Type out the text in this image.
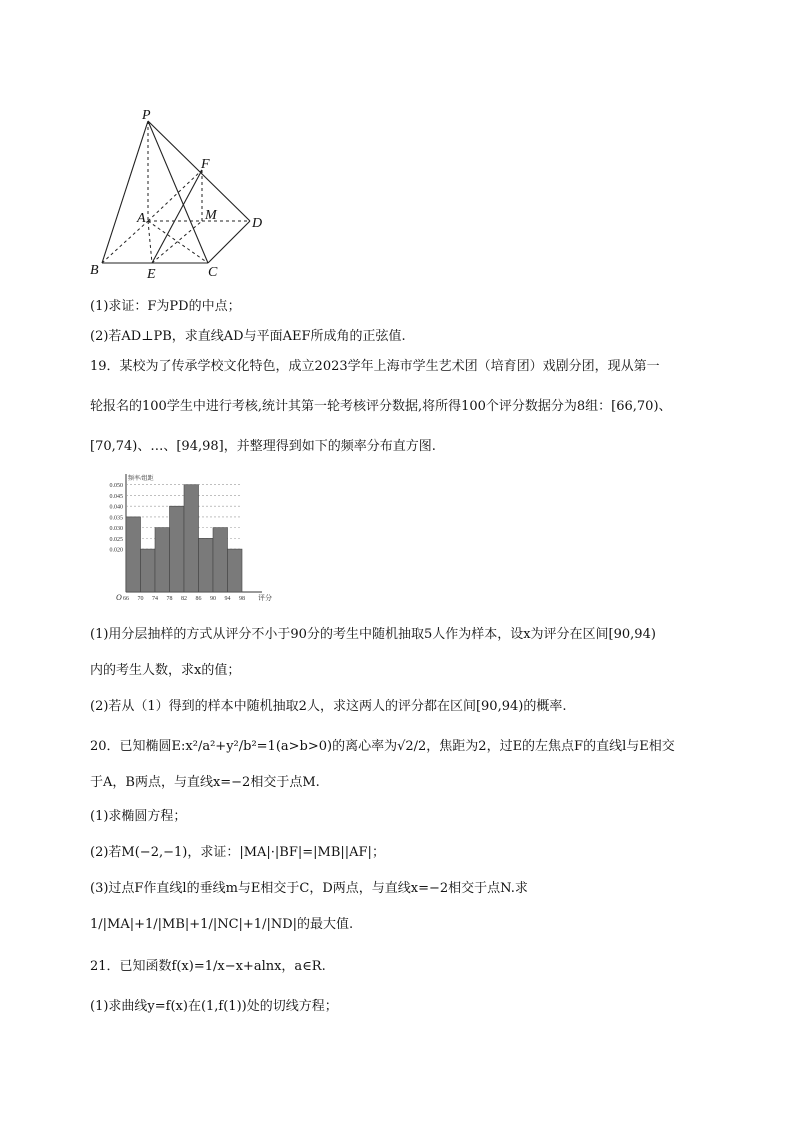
P
F
A	M
D
B	E	C
(1)求证：F为PD的中点；
(2)若AD⊥PB，求直线AD与平面AEF所成角的正弦值.
19．某校为了传承学校文化特色，成立2023学年上海市学生艺术团（培育团）戏剧分团，现从第一
轮报名的100学生中进行考核,统计其第一轮考核评分数据,将所得100个评分数据分为8组：[66,70)、
[70,74)、…、[94,98]，并整理得到如下的频率分布直方图.
0.020
0.025
0.030
0.035
0.040
0.045
0.050
66 70 74 78 82 86 90 94 98 评分
频率/组距
O
(1)用分层抽样的方式从评分不小于90分的考生中随机抽取5人作为样本，设x为评分在区间[90,94)
内的考生人数，求x的值；
(2)若从（1）得到的样本中随机抽取2人，求这两人的评分都在区间[90,94)的概率.
20．已知椭圆E:x²/a²+y²/b²=1(a>b>0)的离心率为√2/2，焦距为2，过E的左焦点F的直线l与E相交
于A，B两点，与直线x=−2相交于点M.
(1)求椭圆方程；
(2)若M(−2,−1)，求证：|MA|·|BF|=|MB||AF|；
(3)过点F作直线l的垂线m与E相交于C，D两点，与直线x=−2相交于点N.求
1/|MA|+1/|MB|+1/|NC|+1/|ND|的最大值.
21．已知函数f(x)=1/x−x+alnx，a∈R.
(1)求曲线y=f(x)在(1,f(1))处的切线方程；
